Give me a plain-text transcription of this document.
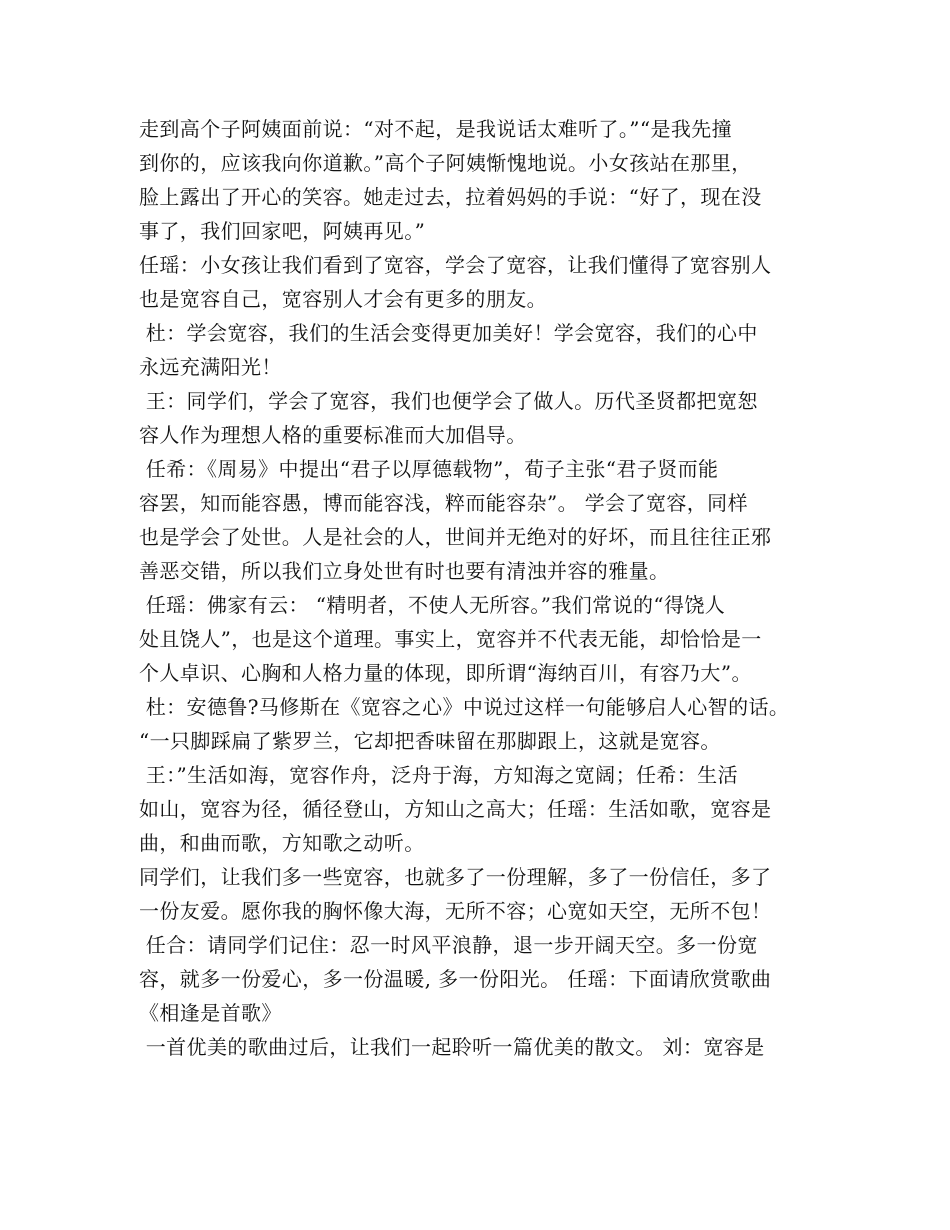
走到高个子阿姨面前说：“对不起，是我说话太难听了。”“是我先撞
到你的，应该我向你道歉。”高个子阿姨惭愧地说。小女孩站在那里，
脸上露出了开心的笑容。她走过去，拉着妈妈的手说：“好了，现在没
事了，我们回家吧，阿姨再见。”
任瑶：小女孩让我们看到了宽容，学会了宽容，让我们懂得了宽容别人
也是宽容自己，宽容别人才会有更多的朋友。
杜：学会宽容，我们的生活会变得更加美好！学会宽容，我们的心中
永远充满阳光！
王：同学们，学会了宽容，我们也便学会了做人。历代圣贤都把宽恕
容人作为理想人格的重要标准而大加倡导。
任希：《周易》中提出“君子以厚德载物”，荀子主张“君子贤而能
容罢，知而能容愚，博而能容浅，粹而能容杂”。 学会了宽容，同样
也是学会了处世。人是社会的人，世间并无绝对的好坏，而且往往正邪
善恶交错，所以我们立身处世有时也要有清浊并容的雅量。
任瑶：佛家有云： “精明者，不使人无所容。”我们常说的“得饶人
处且饶人”，也是这个道理。事实上，宽容并不代表无能，却恰恰是一
个人卓识、心胸和人格力量的体现，即所谓“海纳百川，有容乃大”。
杜：安德鲁?马修斯在《宽容之心》中说过这样一句能够启人心智的话。
“一只脚踩扁了紫罗兰，它却把香味留在那脚跟上，这就是宽容。
王：”生活如海，宽容作舟，泛舟于海，方知海之宽阔；任希：生活
如山，宽容为径，循径登山，方知山之高大；任瑶：生活如歌，宽容是
曲，和曲而歌，方知歌之动听。
同学们，让我们多一些宽容，也就多了一份理解，多了一份信任，多了
一份友爱。愿你我的胸怀像大海，无所不容；心宽如天空，无所不包！
任合：请同学们记住：忍一时风平浪静，退一步开阔天空。多一份宽
容，就多一份爱心，多一份温暖, 多一份阳光。 任瑶：下面请欣赏歌曲
《相逢是首歌》
一首优美的歌曲过后，让我们一起聆听一篇优美的散文。 刘：宽容是
